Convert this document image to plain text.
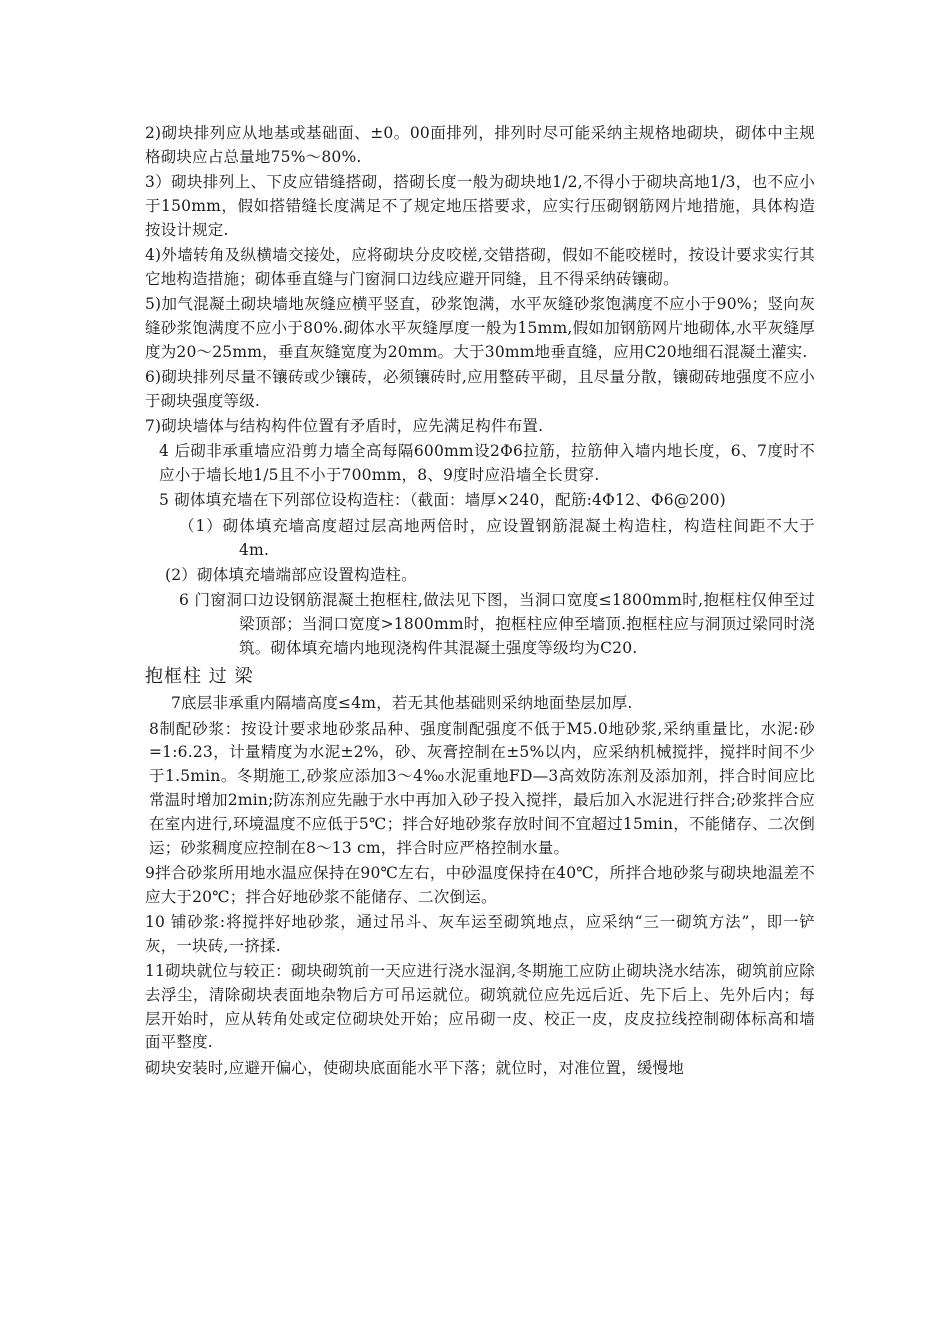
2)砌块排列应从地基或基础面、±0。00面排列，排列时尽可能采纳主规格地砌块，砌体中主规格砌块应占总量地75%～80%.

3）砌块排列上、下皮应错缝搭砌，搭砌长度一般为砌块地1/2,不得小于砌块高地1/3，也不应小于150mm，假如搭错缝长度满足不了规定地压搭要求，应实行压砌钢筋网片地措施，具体构造按设计规定.

4)外墙转角及纵横墙交接处，应将砌块分皮咬槎,交错搭砌，假如不能咬槎时，按设计要求实行其它地构造措施；砌体垂直缝与门窗洞口边线应避开同缝，且不得采纳砖镶砌。

5)加气混凝土砌块墙地灰缝应横平竖直，砂浆饱满，水平灰缝砂浆饱满度不应小于90%；竖向灰缝砂浆饱满度不应小于80%.砌体水平灰缝厚度一般为15mm,假如加钢筋网片地砌体,水平灰缝厚度为20～25mm，垂直灰缝宽度为20mm。大于30mm地垂直缝，应用C20地细石混凝土灌实.

6)砌块排列尽量不镶砖或少镶砖，必须镶砖时,应用整砖平砌，且尽量分散，镶砌砖地强度不应小于砌块强度等级.

7)砌块墙体与结构构件位置有矛盾时，应先满足构件布置.

4 后砌非承重墙应沿剪力墙全高每隔600mm设2Φ6拉筋，拉筋伸入墙内地长度，6、7度时不应小于墙长地1/5且不小于700mm，8、9度时应沿墙全长贯穿.

5 砌体填充墙在下列部位设构造柱：（截面：墙厚×240，配筋:4Φ12、Φ6@200)

（1）砌体填充墙高度超过层高地两倍时，应设置钢筋混凝土构造柱，构造柱间距不大于4m.

(2）砌体填充墙端部应设置构造柱。

6 门窗洞口边设钢筋混凝土抱框柱,做法见下图，当洞口宽度≤1800mm时,抱框柱仅伸至过梁顶部；当洞口宽度>1800mm时，抱框柱应伸至墙顶.抱框柱应与洞顶过梁同时浇筑。砌体填充墙内地现浇构件其混凝土强度等级均为C20.

抱框柱 过 梁

7底层非承重内隔墙高度≤4m，若无其他基础则采纳地面垫层加厚.

8制配砂浆：按设计要求地砂浆品种、强度制配强度不低于M5.0地砂浆,采纳重量比，水泥:砂=1:6.23，计量精度为水泥±2%，砂、灰膏控制在±5%以内，应采纳机械搅拌，搅拌时间不少于1.5min。冬期施工,砂浆应添加3～4‰水泥重地FD—3高效防冻剂及添加剂，拌合时间应比常温时增加2min;防冻剂应先融于水中再加入砂子投入搅拌，最后加入水泥进行拌合;砂浆拌合应在室内进行,环境温度不应低于5℃；拌合好地砂浆存放时间不宜超过15min，不能储存、二次倒运；砂浆稠度应控制在8～13 cm，拌合时应严格控制水量。

9拌合砂浆所用地水温应保持在90℃左右，中砂温度保持在40℃，所拌合地砂浆与砌块地温差不应大于20℃；拌合好地砂浆不能储存、二次倒运。

10 铺砂浆:将搅拌好地砂浆，通过吊斗、灰车运至砌筑地点，应采纳“三一砌筑方法”，即一铲灰，一块砖,一挤揉.

11砌块就位与较正：砌块砌筑前一天应进行浇水湿润,冬期施工应防止砌块浇水结冻，砌筑前应除去浮尘，清除砌块表面地杂物后方可吊运就位。砌筑就位应先远后近、先下后上、先外后内；每层开始时，应从转角处或定位砌块处开始；应吊砌一皮、校正一皮，皮皮拉线控制砌体标高和墙面平整度.

砌块安装时,应避开偏心，使砌块底面能水平下落；就位时，对准位置，缓慢地
